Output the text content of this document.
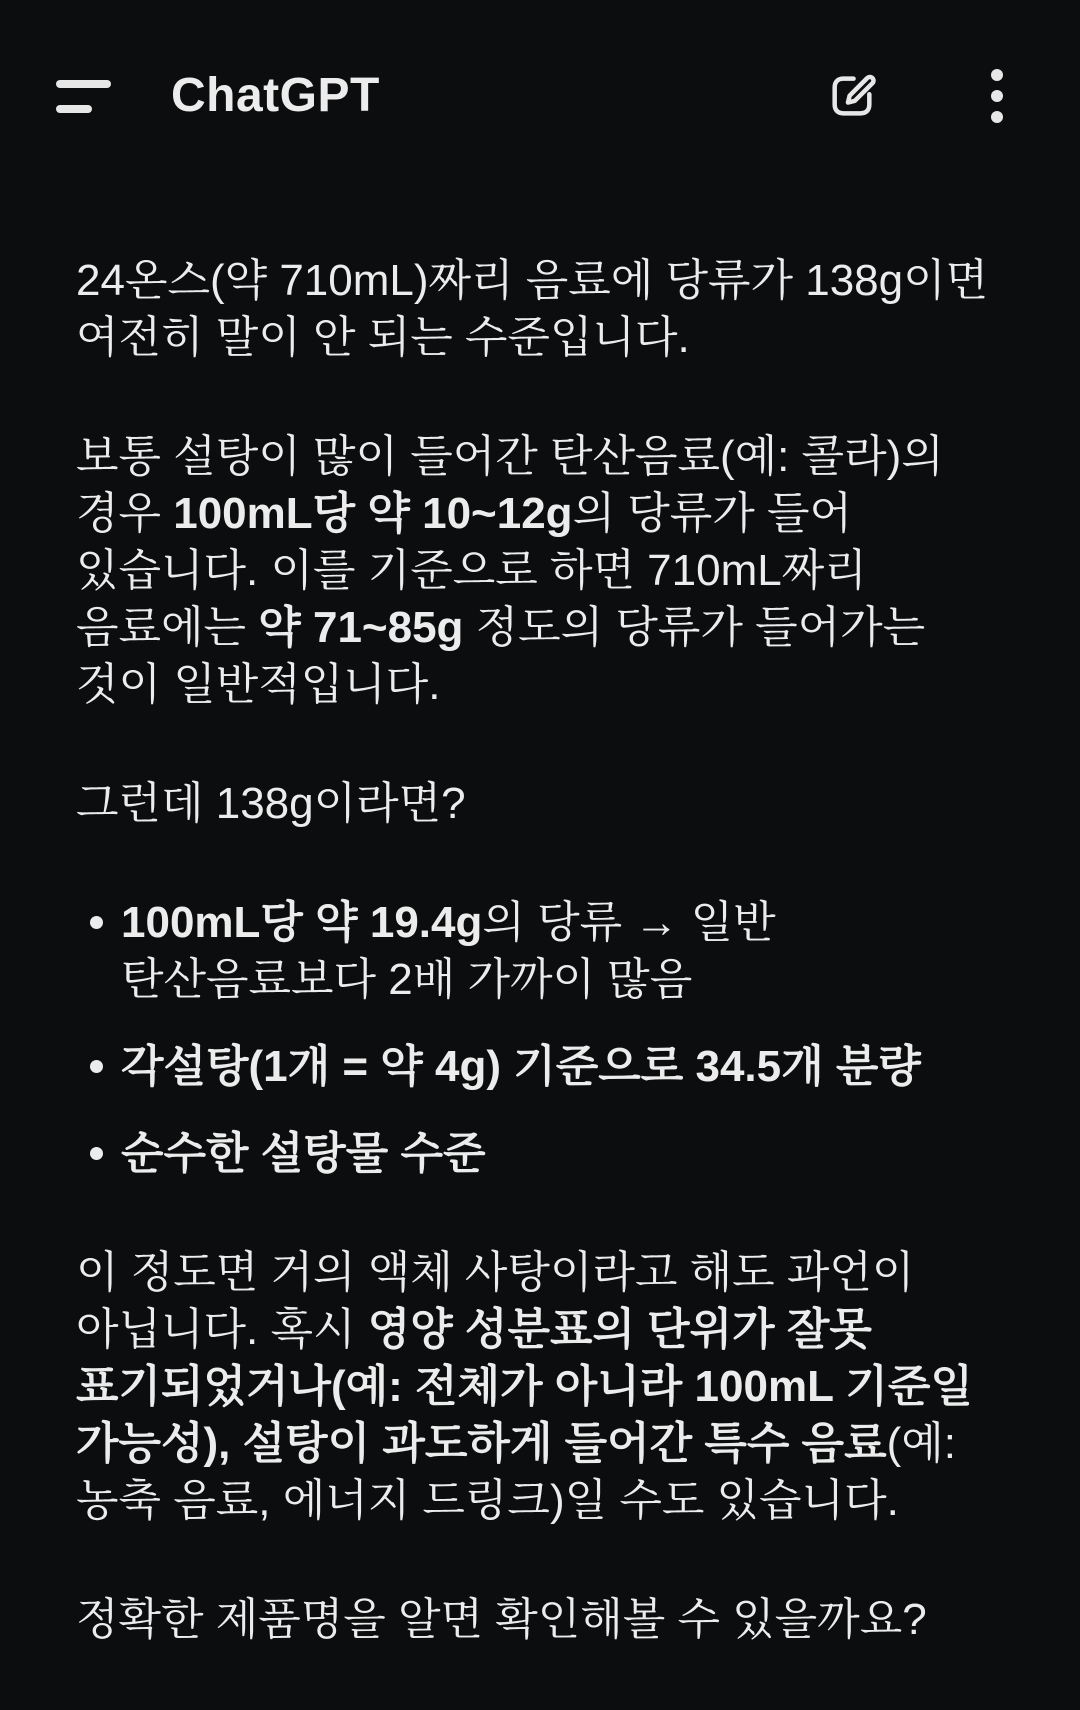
ChatGPT

24온스(약 710mL)짜리 음료에 당류가 138g이면 여전히 말이 안 되는 수준입니다.

보통 설탕이 많이 들어간 탄산음료(예: 콜라)의 경우 100mL당 약 10~12g의 당류가 들어 있습니다. 이를 기준으로 하면 710mL짜리 음료에는 약 71~85g 정도의 당류가 들어가는 것이 일반적입니다.

그런데 138g이라면?

100mL당 약 19.4g의 당류 → 일반 탄산음료보다 2배 가까이 많음
각설탕(1개 = 약 4g) 기준으로 34.5개 분량
순수한 설탕물 수준

이 정도면 거의 액체 사탕이라고 해도 과언이 아닙니다. 혹시 영양 성분표의 단위가 잘못 표기되었거나(예: 전체가 아니라 100mL 기준일 가능성), 설탕이 과도하게 들어간 특수 음료(예: 농축 음료, 에너지 드링크)일 수도 있습니다.

정확한 제품명을 알면 확인해볼 수 있을까요?
